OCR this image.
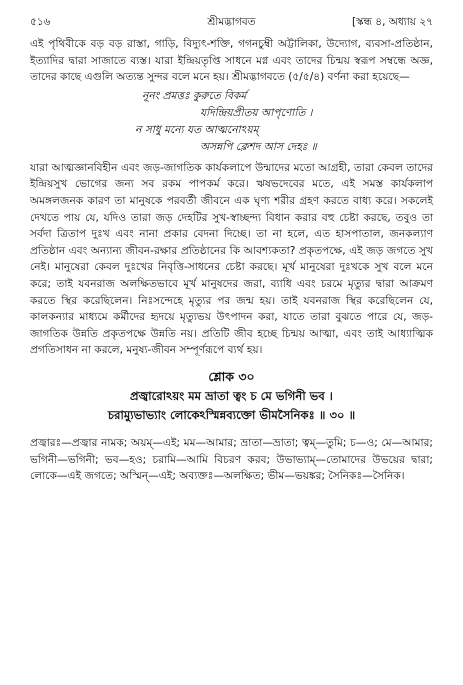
৫১৬	শ্রীমদ্ভাগবত	[স্কন্ধ ৪, অধ্যায় ২৭

এই পৃথিবীকে বড় বড় রাস্তা, গাড়ি, বিদ্যুৎ-শক্তি, গগনচুম্বী অট্টালিকা, উদ্যোগ, ব্যবসা-প্রতিষ্ঠান, ইত্যাদির দ্বারা সাজাতে ব্যস্ত। যারা ইন্দ্রিয়তৃপ্তি সাধনে মগ্ন এবং তাদের চিন্ময় স্বরূপ সম্বন্ধে অজ্ঞ, তাদের কাছে এগুলি অত্যন্ত সুন্দর বলে মনে হয়। শ্রীমদ্ভাগবতে (৫/৫/৪) বর্ণনা করা হয়েছে—

নূনং প্রমত্তঃ কুরুতে বিকর্ম
যদিন্দ্রিয়প্রীতয় আপৃণোতি ।
ন সাধু মন্যে যত আত্মনোঽয়ম্
অসন্নপি ক্লেশদ আস দেহঃ ॥

যারা আত্মজ্ঞানবিহীন এবং জড়-জাগতিক কার্যকলাপে উন্মাদের মতো আগ্রহী, তারা কেবল তাদের ইন্দ্রিয়সুখ ভোগের জন্য সব রকম পাপকর্ম করে। ঋষভদেবের মতে, এই সমস্ত কার্যকলাপ অমঙ্গলজনক কারণ তা মানুষকে পরবর্তী জীবনে এক ঘৃণ্য শরীর গ্রহণ করতে বাধ্য করে। সকলেই দেখতে পায় যে, যদিও তারা জড় দেহটির সুখ-স্বাচ্ছন্দ্য বিধান করার বহু চেষ্টা করছে, তবুও তা সর্বদা ত্রিতাপ দুঃখ এবং নানা প্রকার বেদনা দিচ্ছে। তা না হলে, এত হাসপাতাল, জনকল্যাণ প্রতিষ্ঠান এবং অন্যান্য জীবন-রক্ষার প্রতিষ্ঠানের কি আবশ্যকতা? প্রকৃতপক্ষে, এই জড় জগতে সুখ নেই। মানুষেরা কেবল দুঃখের নিবৃত্তি-সাধনের চেষ্টা করছে। মূর্খ মানুষেরা দুঃখকে সুখ বলে মনে করে; তাই যবনরাজ অলক্ষিতভাবে মূর্খ মানুষদের জরা, ব্যাধি এবং চরমে মৃত্যুর দ্বারা আক্রমণ করতে স্থির করেছিলেন। নিঃসন্দেহে মৃত্যুর পর জন্ম হয়। তাই যবনরাজ স্থির করেছিলেন যে, কালকন্যার মাধ্যমে কর্মীদের হৃদয়ে মৃত্যুভয় উৎপাদন করা, যাতে তারা বুঝতে পারে যে, জড়-জাগতিক উন্নতি প্রকৃতপক্ষে উন্নতি নয়। প্রতিটি জীব হচ্ছে চিন্ময় আত্মা, এবং তাই আধ্যাত্মিক প্রগতিসাধন না করলে, মনুষ্য-জীবন সম্পূর্ণরূপে ব্যর্থ হয়।

শ্লোক ৩০
প্রজ্বারোঽয়ং মম ভ্রাতা ত্বং চ মে ভগিনী ভব ।
চরাম্যুভাভ্যাং লোকেঽস্মিন্নব্যক্তো ভীমসৈনিকঃ ॥ ৩০ ॥

প্রজ্বারঃ—প্রজ্বার নামক; অয়ম্—এই; মম—আমার; ভ্রাতা—ভ্রাতা; ত্বম্—তুমি; চ—ও; মে—আমার; ভগিনী—ভগিনী; ভব—হও; চরামি—আমি বিচরণ করব; উভাভ্যাম্—তোমাদের উভয়ের দ্বারা; লোকে—এই জগতে; অস্মিন্—এই; অব্যক্তঃ—অলক্ষিত; ভীম—ভয়ঙ্কর; সৈনিকঃ—সৈনিক।
